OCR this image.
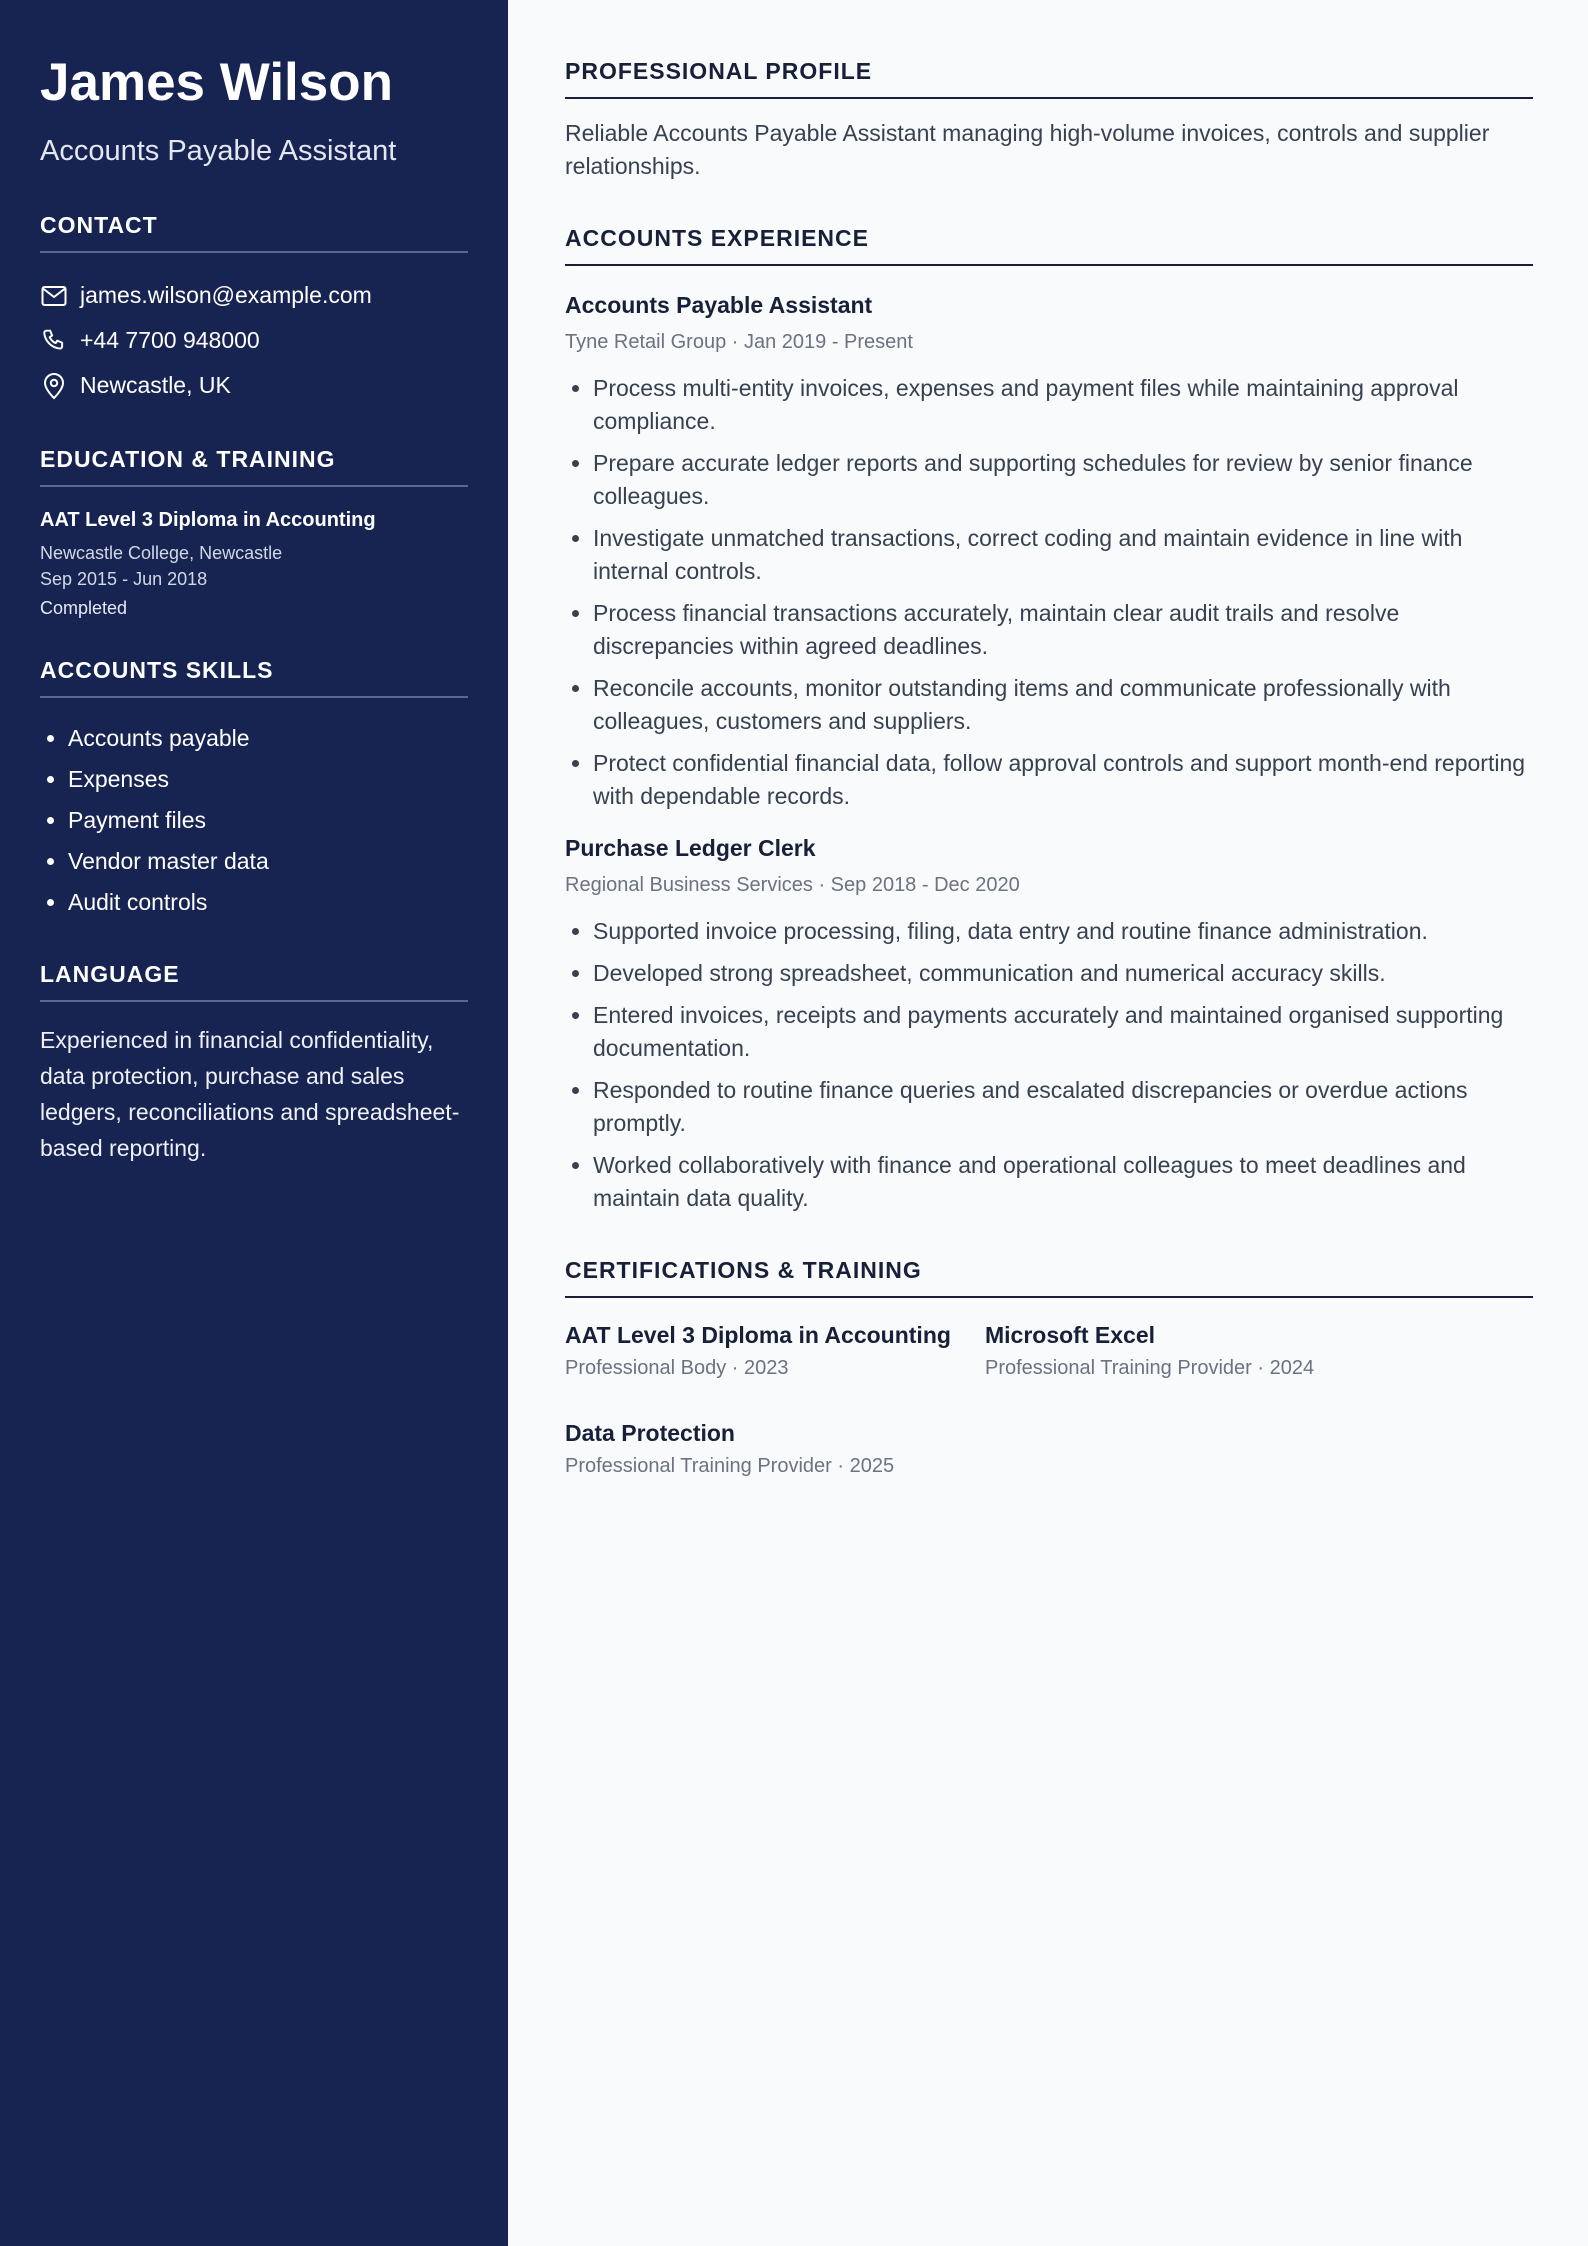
James Wilson
Accounts Payable Assistant
CONTACT
james.wilson@example.com
+44 7700 948000
Newcastle, UK
EDUCATION & TRAINING
AAT Level 3 Diploma in Accounting
Newcastle College, Newcastle
Sep 2015 - Jun 2018
Completed
ACCOUNTS SKILLS
• Accounts payable
• Expenses
• Payment files
• Vendor master data
• Audit controls
LANGUAGE
Experienced in financial confidentiality, data protection, purchase and sales ledgers, reconciliations and spreadsheet-based reporting.
PROFESSIONAL PROFILE
Reliable Accounts Payable Assistant managing high-volume invoices, controls and supplier relationships.
ACCOUNTS EXPERIENCE
Accounts Payable Assistant
Tyne Retail Group · Jan 2019 - Present
• Process multi-entity invoices, expenses and payment files while maintaining approval compliance.
• Prepare accurate ledger reports and supporting schedules for review by senior finance colleagues.
• Investigate unmatched transactions, correct coding and maintain evidence in line with internal controls.
• Process financial transactions accurately, maintain clear audit trails and resolve discrepancies within agreed deadlines.
• Reconcile accounts, monitor outstanding items and communicate professionally with colleagues, customers and suppliers.
• Protect confidential financial data, follow approval controls and support month-end reporting with dependable records.
Purchase Ledger Clerk
Regional Business Services · Sep 2018 - Dec 2020
• Supported invoice processing, filing, data entry and routine finance administration.
• Developed strong spreadsheet, communication and numerical accuracy skills.
• Entered invoices, receipts and payments accurately and maintained organised supporting documentation.
• Responded to routine finance queries and escalated discrepancies or overdue actions promptly.
• Worked collaboratively with finance and operational colleagues to meet deadlines and maintain data quality.
CERTIFICATIONS & TRAINING
AAT Level 3 Diploma in Accounting
Professional Body · 2023
Microsoft Excel
Professional Training Provider · 2024
Data Protection
Professional Training Provider · 2025
